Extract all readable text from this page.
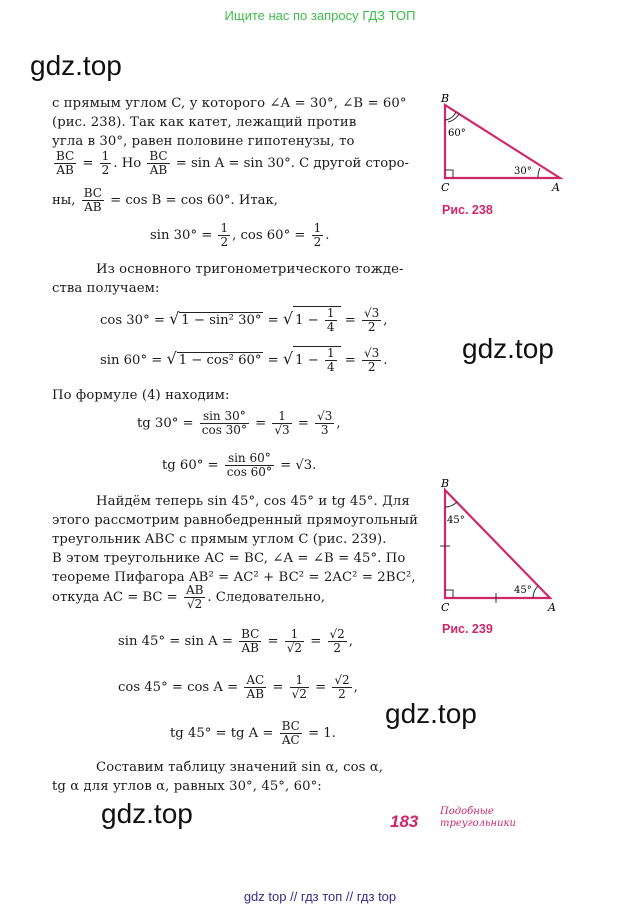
Ищите нас по запросу ГДЗ ТОП
gdz.top
gdz.top
gdz.top
gdz.top
с прямым углом C, у которого ∠A = 30°, ∠B = 60°
(рис. 238). Так как катет, лежащий против
угла в 30°, равен половине гипотенузы, то
$\frac{BC}{AB} = \frac{1}{2}$ . Но $\frac{BC}{AB} = \sin A = \sin 30^\circ$. С другой сторо-
ны, $\frac{BC}{AB} = \cos B = \cos 60^\circ$. Итак,
$\sin 30^\circ = \frac{1}{2}$ , $\cos 60^\circ = \frac{1}{2}$ .
Из основного тригонометрического тожде-
ства получаем:
cos 30° = √ 1 − sin² 30° = √ $1 - \frac{1}{4} = \frac{√3}{2}$ ,
sin 60° = √ 1 − cos² 60° = √ $1 - \frac{1}{4} = \frac{√3}{2}$ .
По формуле (4) находим:
tg $30^\circ = \frac{\sin 30^\circ}{\cos 30^\circ} = \frac{1}{√3} = \frac{√3}{3}$ ,
tg $60^\circ = \frac{\sin 60^\circ}{\cos 60^\circ} = √3$.
Найдём теперь sin 45°, cos 45° и tg 45°. Для
этого рассмотрим равнобедренный прямоугольный
треугольник ABC с прямым углом C (рис. 239).
В этом треугольнике AC = BC, ∠A = ∠B = 45°. По
теореме Пифагора AB² = AC² + BC² = 2AC² = 2BC²,
откуда AC = BC = $\frac{AB}{√2}$ . Следовательно,
$\sin 45^\circ = \sin A = \frac{BC}{AB} = \frac{1}{√2} = \frac{√2}{2}$ ,
$\cos 45^\circ = \cos A = \frac{AC}{AB} = \frac{1}{√2} = \frac{√2}{2}$ ,
tg 45° = tg $A = \frac{BC}{AC} = 1$.
Составим таблицу значений sin α, cos α,
tg α для углов α, равных 30°, 45°, 60°:
B
C	A
60°
30°
Рис. 238
B
C	A
45°
45°
Рис. 239
183
Подобные
треугольники
gdz top // гдз топ // гдз top
